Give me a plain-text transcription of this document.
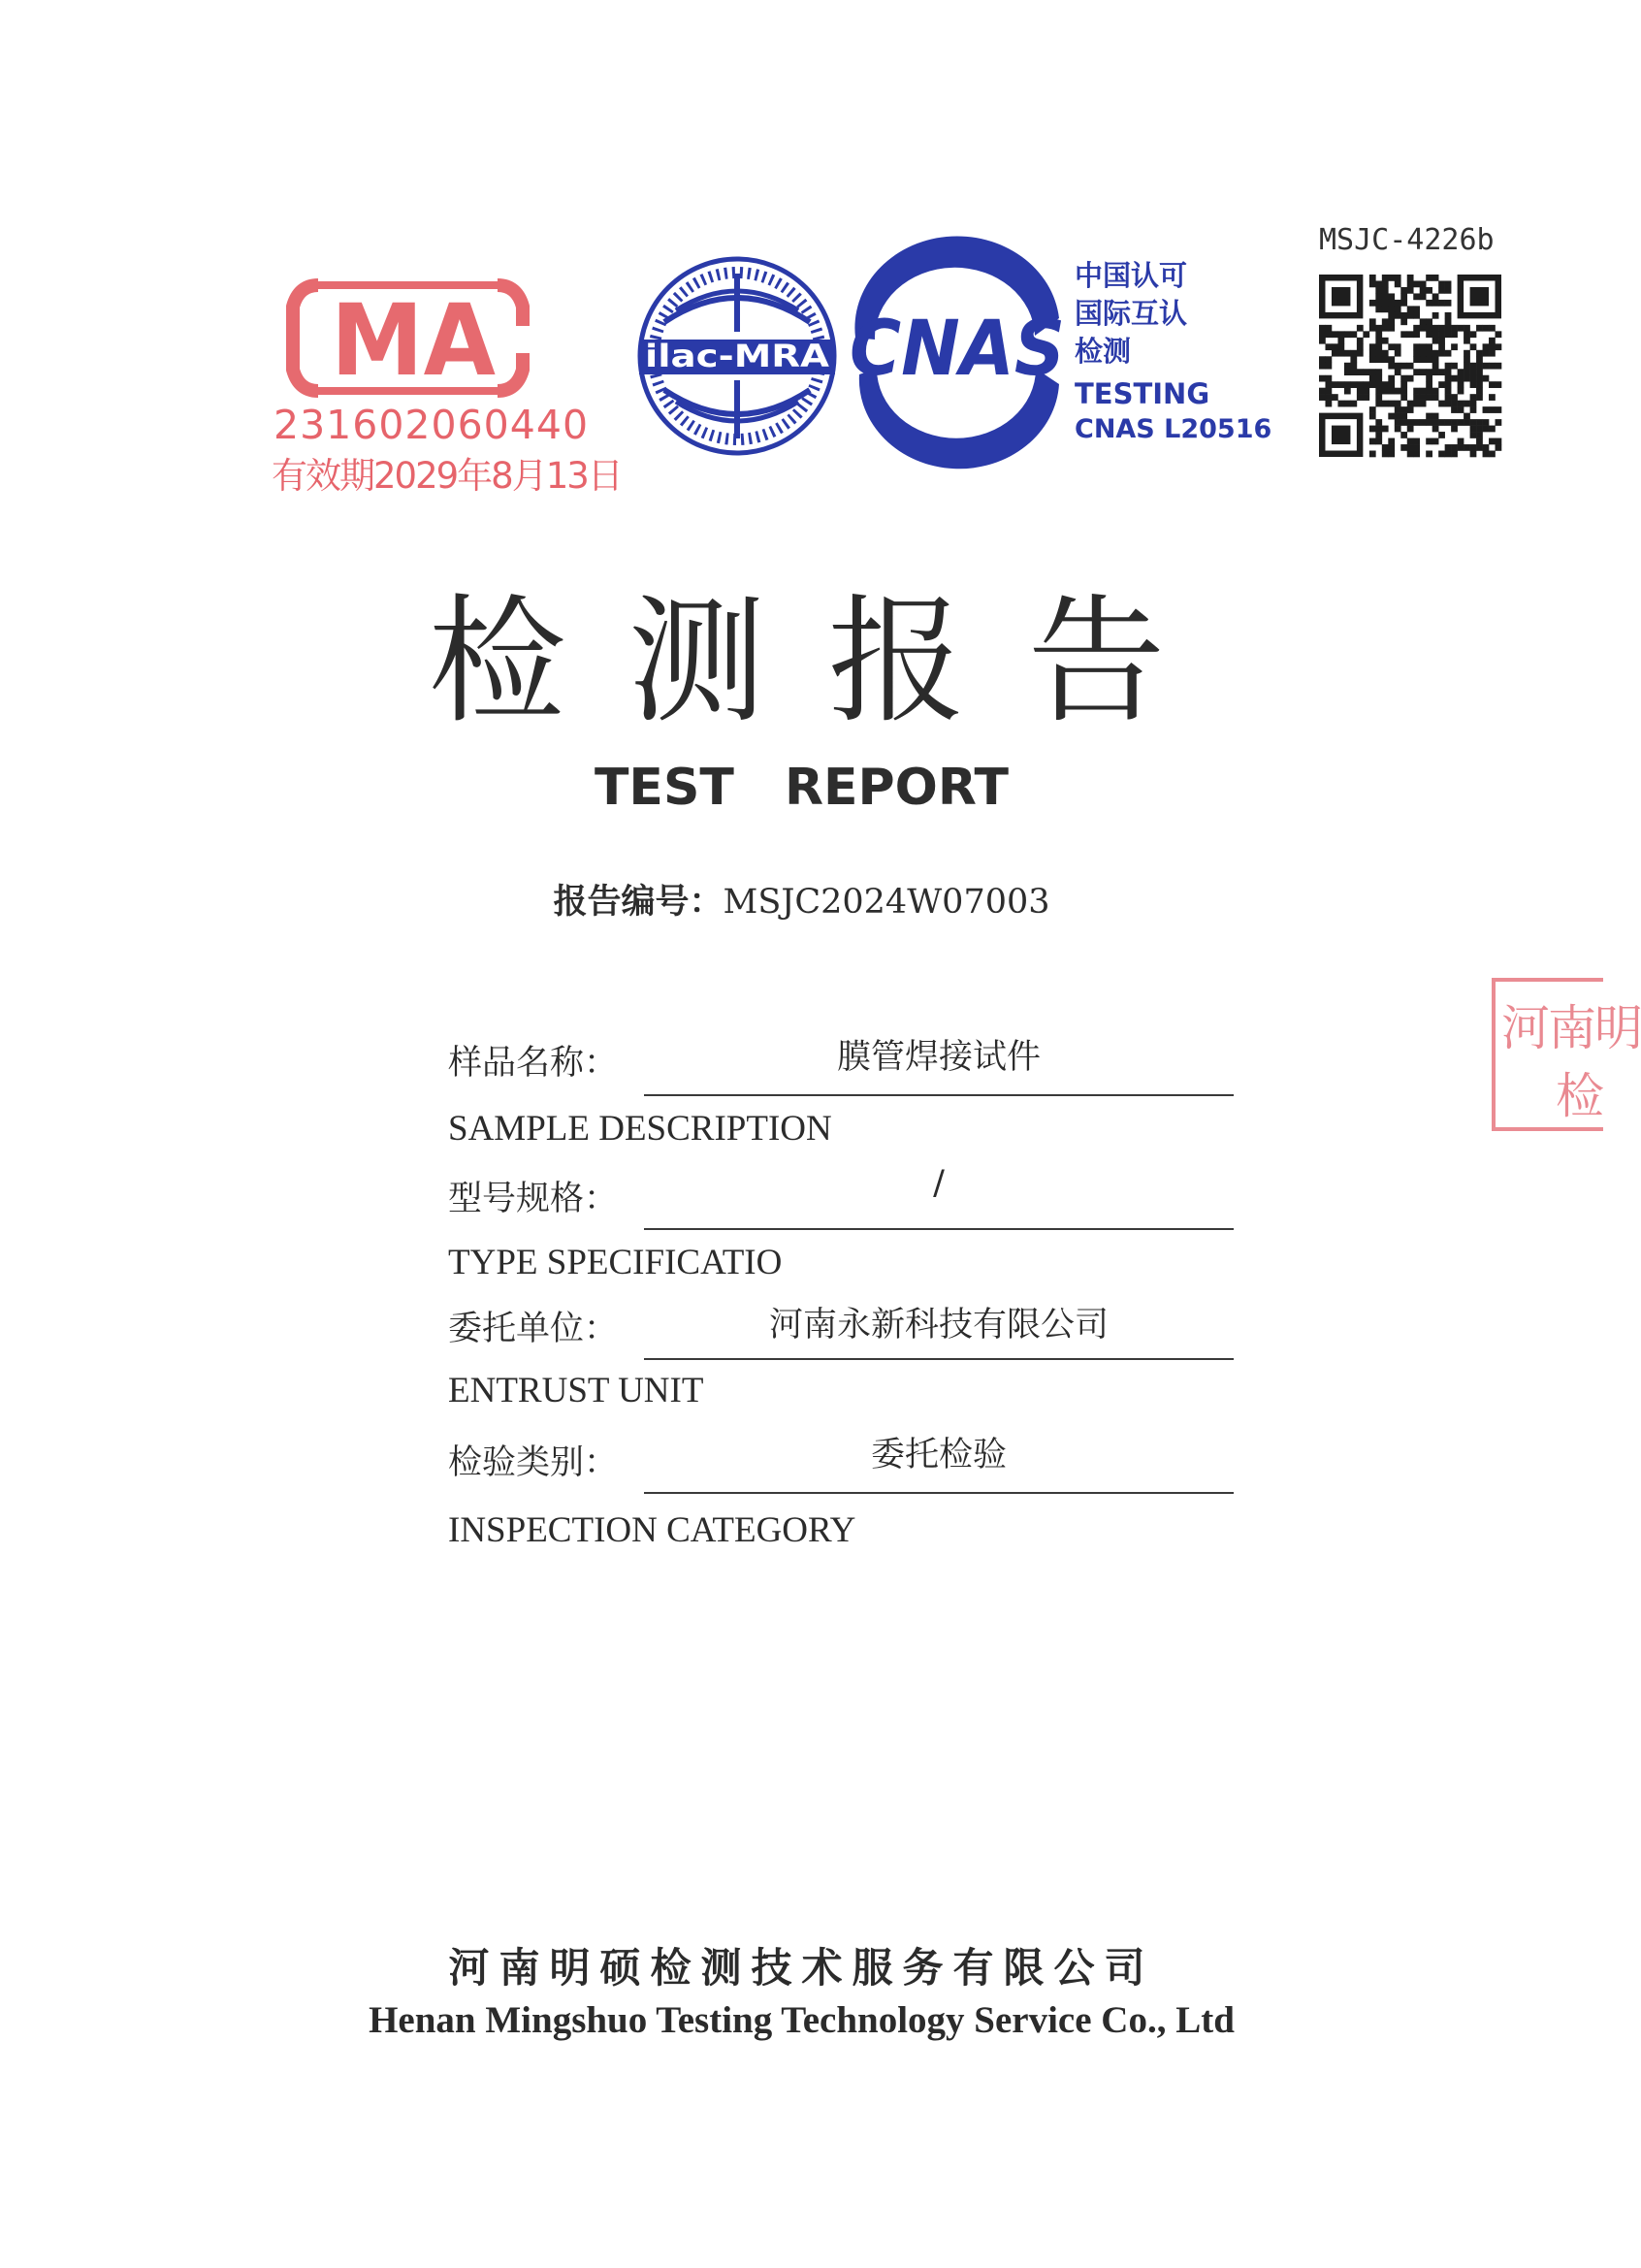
MA
231602060440
有效期2029年8月13日
ilac-MRA CNAS
中国认可
国际互认
检测
TESTING
CNAS L20516
MSJC-4226b
河南明
检
检测报告
TEST REPORT
报告编号：MSJC2024W07003
样品名称：	膜管焊接试件
SAMPLE DESCRIPTION
型号规格：	/
TYPE SPECIFICATIO
委托单位：	河南永新科技有限公司
ENTRUST UNIT
检验类别：	委托检验
INSPECTION CATEGORY
河南明硕检测技术服务有限公司
Henan Mingshuo Testing Technology Service Co., Ltd
